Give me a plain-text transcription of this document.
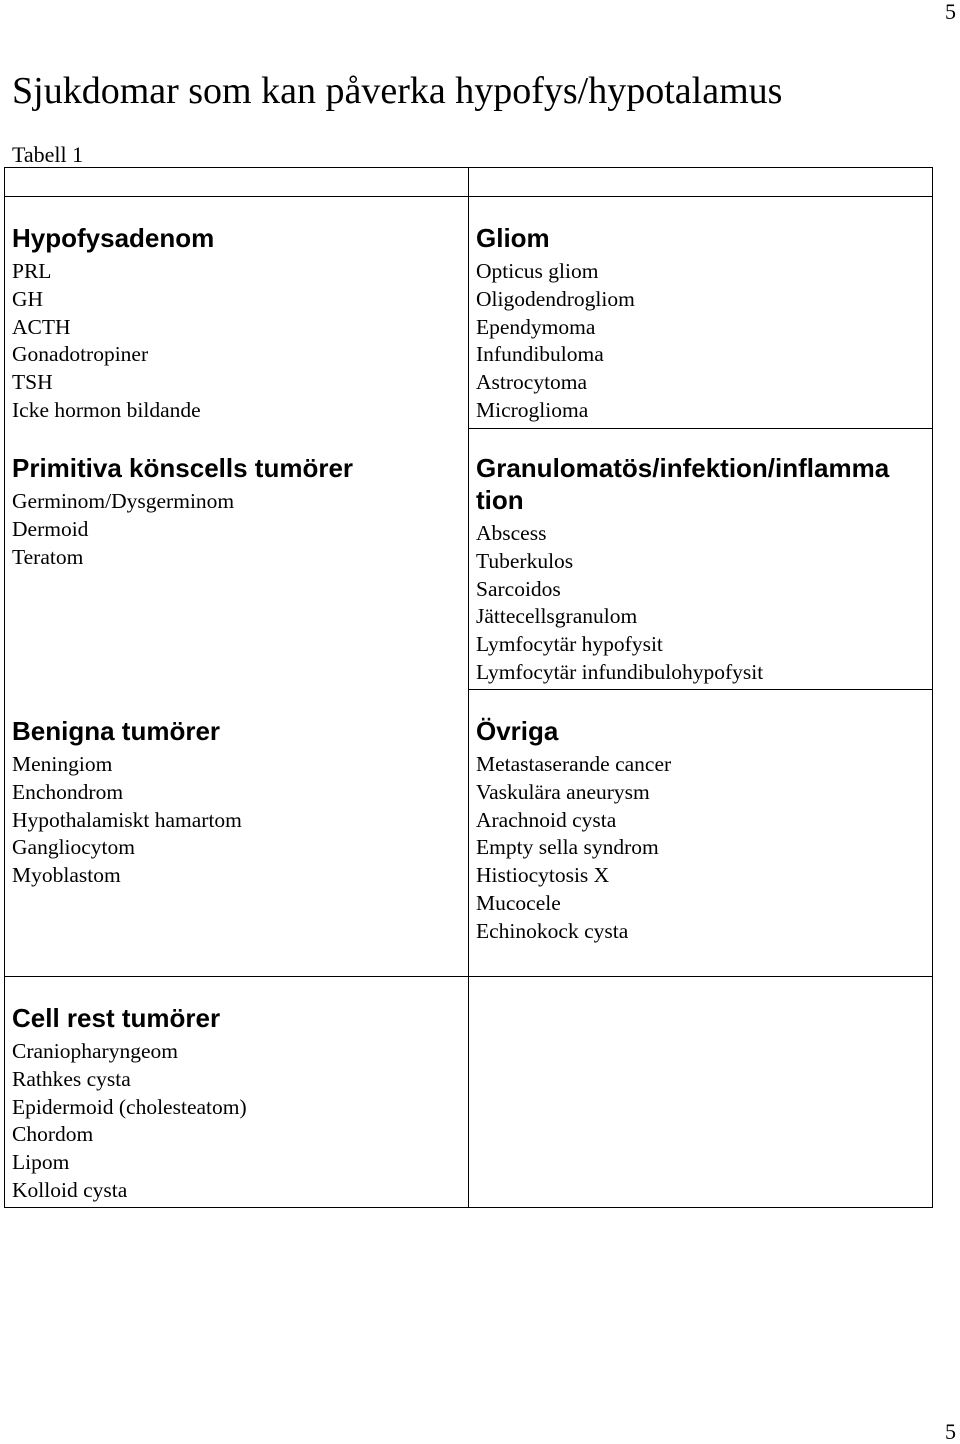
5
Sjukdomar som kan påverka hypofys/hypotalamus
Tabell 1
Hypofysadenom
PRL
GH
ACTH
Gonadotropiner
TSH
Icke hormon bildande
Primitiva könscells tumörer
Germinom/Dysgerminom
Dermoid
Teratom
Benigna tumörer
Meningiom
Enchondrom
Hypothalamiskt hamartom
Gangliocytom
Myoblastom
Gliom
Opticus gliom
Oligodendrogliom
Ependymoma
Infundibuloma
Astrocytoma
Microglioma
Granulomatös/infektion/inflamma
tion
Abscess
Tuberkulos
Sarcoidos
Jättecellsgranulom
Lymfocytär hypofysit
Lymfocytär infundibulohypofysit
Övriga
Metastaserande cancer
Vaskulära aneurysm
Arachnoid cysta
Empty sella syndrom
Histiocytosis X
Mucocele
Echinokock cysta
Cell rest tumörer
Craniopharyngeom
Rathkes cysta
Epidermoid (cholesteatom)
Chordom
Lipom
Kolloid cysta
5
